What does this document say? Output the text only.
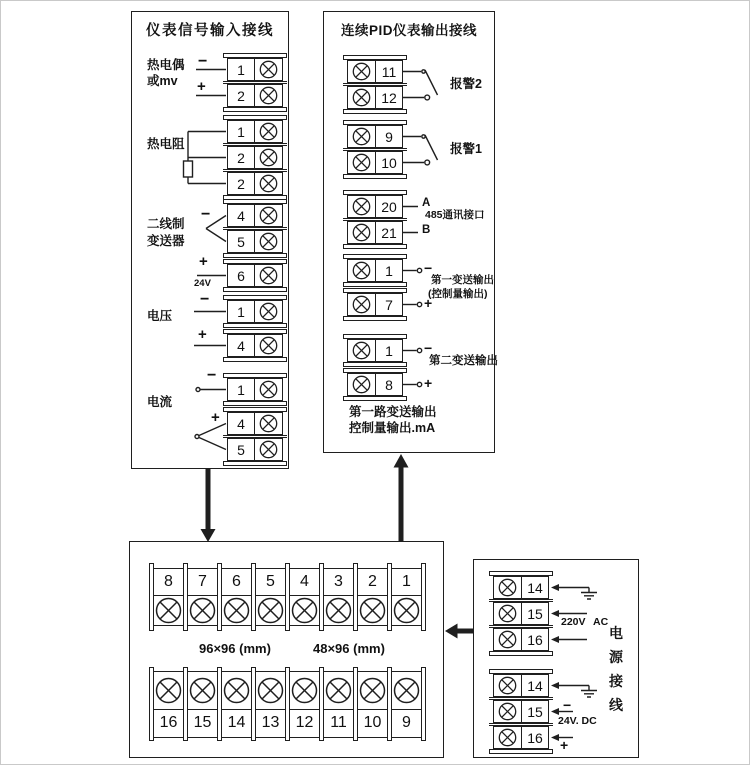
仪表信号输入接线	连续PID仪表输出接线
1
2
1
2
2
4
5
6
1
4
1
4
5
11
12
9
10
20
21
1
7
1
8
14
15
16
14
15
16
8	7	6	5	4	3	2	1
16	15	14	13	12	11	10	9
热电偶
或mv
−
+
热电阻
二线制
变送器
−
+
24V
电压
−
+
电流
−
+
报警2
报警1
A
B
485通讯接口
−
第一变送输出
(控制量输出)
+
−
第二变送输出
+
第一路变送输出
控制量输出.mA
96×96 (mm)	48×96 (mm)
220V AC
−
24V. DC
+
电
源
接
线
